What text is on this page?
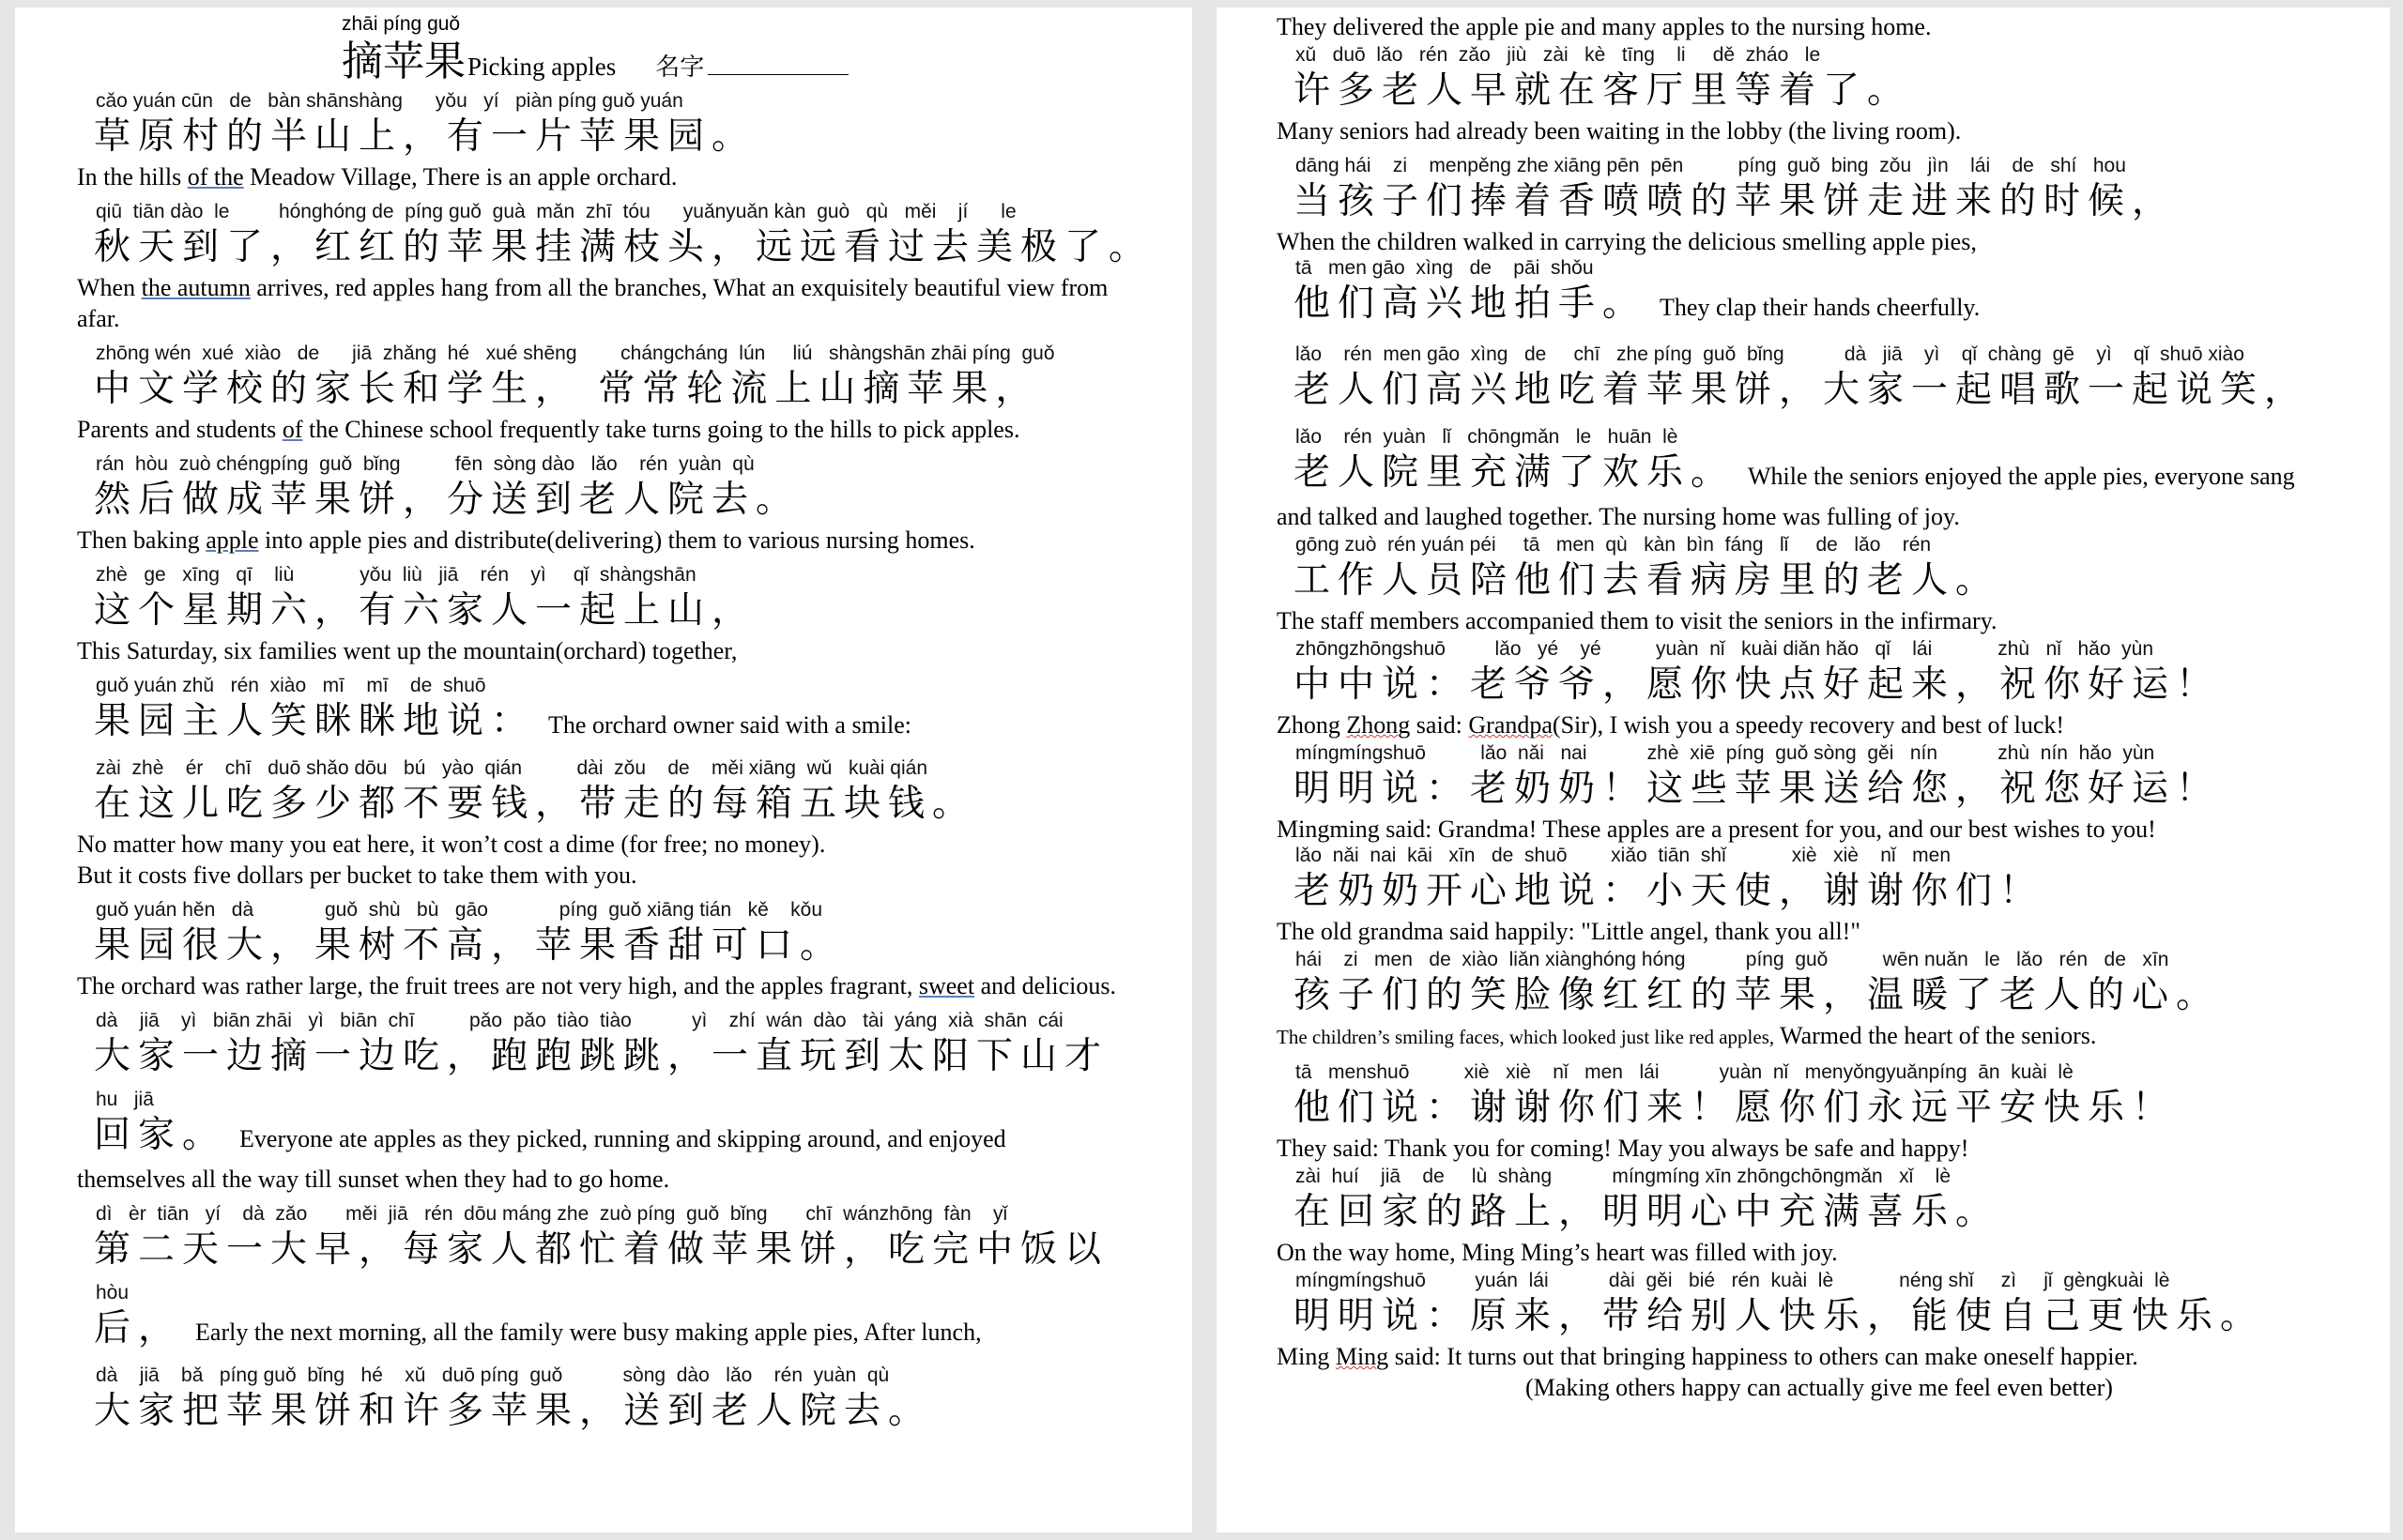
zhāi píng guǒ
摘苹果 Picking apples 名字
cǎo yuán cūn   de   bàn shānshàng      yǒu   yí   piàn píng guǒ yuán
草原村的半山上，有一片苹果园。
In the hills of the Meadow Village, There is an apple orchard.
qiū  tiān dào  le         hónghóng de  píng guǒ  guà  mǎn  zhī  tóu      yuǎnyuǎn kàn  guò   qù   měi    jí      le
秋天到了，红红的苹果挂满枝头，远远看过去美极了。
When the autumn arrives, red apples hang from all the branches, What an exquisitely beautiful view from afar.
zhōng wén  xué  xiào   de      jiā  zhǎng  hé   xué shēng        chángcháng  lún     liú   shàngshān zhāi píng  guǒ
中文学校的家长和学生， 常常轮流上山摘苹果，
Parents and students of the Chinese school frequently take turns going to the hills to pick apples.
rán  hòu  zuò chéngpíng  guǒ  bǐng          fēn  sòng dào   lǎo    rén  yuàn  qù
然后做成苹果饼，分送到老人院去。
Then baking apple into apple pies and distribute(delivering) them to various nursing homes.
zhè   ge   xīng   qī    liù            yǒu  liù   jiā    rén    yì     qǐ  shàngshān
这个星期六，有六家人一起上山，
This Saturday, six families went up the mountain(orchard) together,
guǒ yuán zhǔ   rén  xiào   mī    mī    de  shuō
果园主人笑眯眯地说： The orchard owner said with a smile:
zài  zhè    ér    chī   duō shǎo dōu   bú   yào  qián          dài  zǒu    de    měi xiāng  wǔ   kuài qián
在这儿吃多少都不要钱，带走的每箱五块钱。
No matter how many you eat here, it won’t cost a dime (for free; no money).
But it costs five dollars per bucket to take them with you.
guǒ yuán hěn   dà             guǒ  shù   bù   gāo             píng  guǒ xiāng tián   kě    kǒu
果园很大，果树不高，苹果香甜可口。
The orchard was rather large, the fruit trees are not very high, and the apples fragrant, sweet and delicious.
dà    jiā    yì   biān zhāi   yì   biān  chī          pǎo  pǎo  tiào  tiào           yì    zhí  wán  dào   tài  yáng  xià  shān  cái
大家一边摘一边吃，跑跑跳跳，一直玩到太阳下山才
hu   jiā
回家。 Everyone ate apples as they picked, running and skipping around, and enjoyed
themselves all the way till sunset when they had to go home.
dì   èr  tiān   yí    dà  zǎo       měi  jiā   rén  dōu máng zhe  zuò píng  guǒ  bǐng       chī  wánzhōng  fàn    yǐ
第二天一大早，每家人都忙着做苹果饼，吃完中饭以
hòu
后， Early the next morning, all the family were busy making apple pies, After lunch,
dà    jiā    bǎ   píng guǒ  bǐng   hé    xǔ   duō píng  guǒ           sòng  dào   lǎo    rén  yuàn  qù
大家把苹果饼和许多苹果，送到老人院去。
They delivered the apple pie and many apples to the nursing home.
xǔ   duō  lǎo   rén  zǎo   jiù   zài   kè   tīng    li     dě  zháo   le
许多老人早就在客厅里等着了。
Many seniors had already been waiting in the lobby (the living room).
dāng hái    zi    menpěng zhe xiāng pēn  pēn          píng  guǒ  bing  zǒu   jìn    lái    de   shí   hou
当孩子们捧着香喷喷的苹果饼走进来的时候，
When the children walked in carrying the delicious smelling apple pies,
tā   men gāo  xìng   de    pāi  shǒu
他们高兴地拍手。 They clap their hands cheerfully.
lǎo    rén  men gāo  xìng   de     chī   zhe píng  guǒ  bǐng           dà   jiā    yì    qǐ  chàng  gē    yì    qǐ  shuō xiào
老人们高兴地吃着苹果饼，大家一起唱歌一起说笑，
lǎo    rén  yuàn   lǐ   chōngmǎn   le   huān  lè
老人院里充满了欢乐。 While the seniors enjoyed the apple pies, everyone sang
and talked and laughed together. The nursing home was fulling of joy.
gōng zuò  rén yuán péi     tā   men  qù   kàn  bìn  fáng   lǐ     de   lǎo    rén
工作人员陪他们去看病房里的老人。
The staff members accompanied them to visit the seniors in the infirmary.
zhōngzhōngshuō         lǎo   yé    yé          yuàn  nǐ   kuài diǎn hǎo   qǐ    lái            zhù   nǐ   hǎo  yùn
中中说：老爷爷，愿你快点好起来，祝你好运！
Zhong Zhong said: Grandpa(Sir), I wish you a speedy recovery and best of luck!
míngmíngshuō          lǎo  nǎi   nai           zhè  xiē  píng  guǒ sòng  gěi   nín           zhù  nín  hǎo  yùn
明明说：老奶奶！这些苹果送给您，祝您好运！
Mingming said: Grandma! These apples are a present for you, and our best wishes to you!
lǎo  nǎi  nai  kāi   xīn   de  shuō        xiǎo  tiān  shǐ            xiè   xiè    nǐ   men
老奶奶开心地说：小天使，谢谢你们！
The old grandma said happily: "Little angel, thank you all!"
hái    zi   men   de  xiào  liǎn xiànghóng hóng           píng  guǒ          wēn nuǎn   le   lǎo   rén   de   xīn
孩子们的笑脸像红红的苹果，温暖了老人的心。
The children’s smiling faces, which looked just like red apples, Warmed the heart of the seniors.
tā   menshuō          xiè   xiè    nǐ   men   lái           yuàn  nǐ   menyǒngyuǎnpíng  ān  kuài  lè
他们说：谢谢你们来！愿你们永远平安快乐！
They said: Thank you for coming! May you always be safe and happy!
zài  huí    jiā    de     lù  shàng           míngmíng xīn zhōngchōngmǎn   xǐ    lè
在回家的路上，明明心中充满喜乐。
On the way home, Ming Ming’s heart was filled with joy.
míngmíngshuō         yuán  lái           dài  gěi   bié   rén  kuài  lè            néng shǐ     zì     jǐ  gèngkuài  lè
明明说：原来，带给别人快乐，能使自己更快乐。
Ming Ming said: It turns out that bringing happiness to others can make oneself happier.
(Making others happy can actually give me feel even better)
